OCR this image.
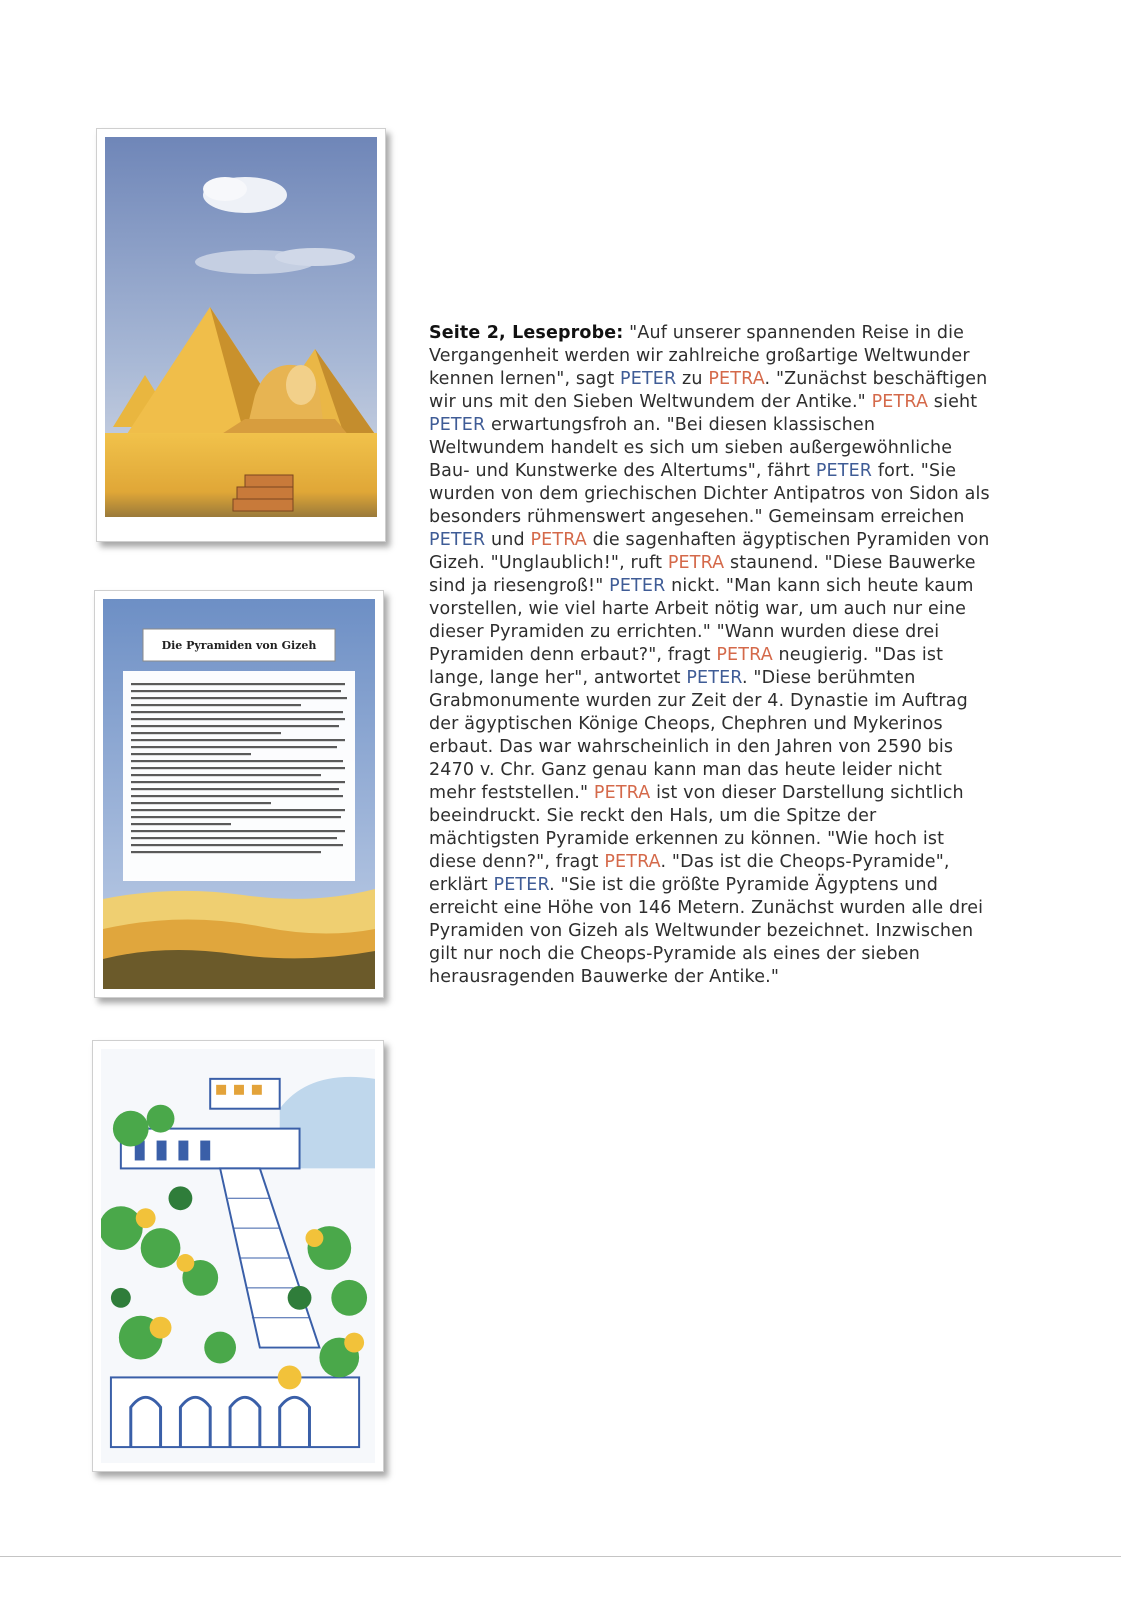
Die Pyramiden von Gizeh
Seite 2, Leseprobe: "Auf unserer spannenden Reise in die Vergangenheit werden wir zahlreiche großartige Weltwunder kennen lernen", sagt PETER zu PETRA. "Zunächst beschäftigen wir uns mit den Sieben Weltwundem der Antike." PETRA sieht PETER erwartungsfroh an. "Bei diesen klassischen Weltwundem handelt es sich um sieben außergewöhnliche Bau- und Kunstwerke des Altertums", fährt PETER fort. "Sie wurden von dem griechischen Dichter Antipatros von Sidon als besonders rühmenswert angesehen." Gemeinsam erreichen PETER und PETRA die sagenhaften ägyptischen Pyramiden von Gizeh. "Unglaublich!", ruft PETRA staunend. "Diese Bauwerke sind ja riesengroß!" PETER nickt. "Man kann sich heute kaum vorstellen, wie viel harte Arbeit nötig war, um auch nur eine dieser Pyramiden zu errichten." "Wann wurden diese drei Pyramiden denn erbaut?", fragt PETRA neugierig. "Das ist lange, lange her", antwortet PETER. "Diese berühmten Grabmonumente wurden zur Zeit der 4. Dynastie im Auftrag der ägyptischen Könige Cheops, Chephren und Mykerinos erbaut. Das war wahrscheinlich in den Jahren von 2590 bis 2470 v. Chr. Ganz genau kann man das heute leider nicht mehr feststellen." PETRA ist von dieser Darstellung sichtlich beeindruckt. Sie reckt den Hals, um die Spitze der mächtigsten Pyramide erkennen zu können. "Wie hoch ist diese denn?", fragt PETRA. "Das ist die Cheops-Pyramide", erklärt PETER. "Sie ist die größte Pyramide Ägyptens und erreicht eine Höhe von 146 Metern. Zunächst wurden alle drei Pyramiden von Gizeh als Weltwunder bezeichnet. Inzwischen gilt nur noch die Cheops-Pyramide als eines der sieben herausragenden Bauwerke der Antike."
